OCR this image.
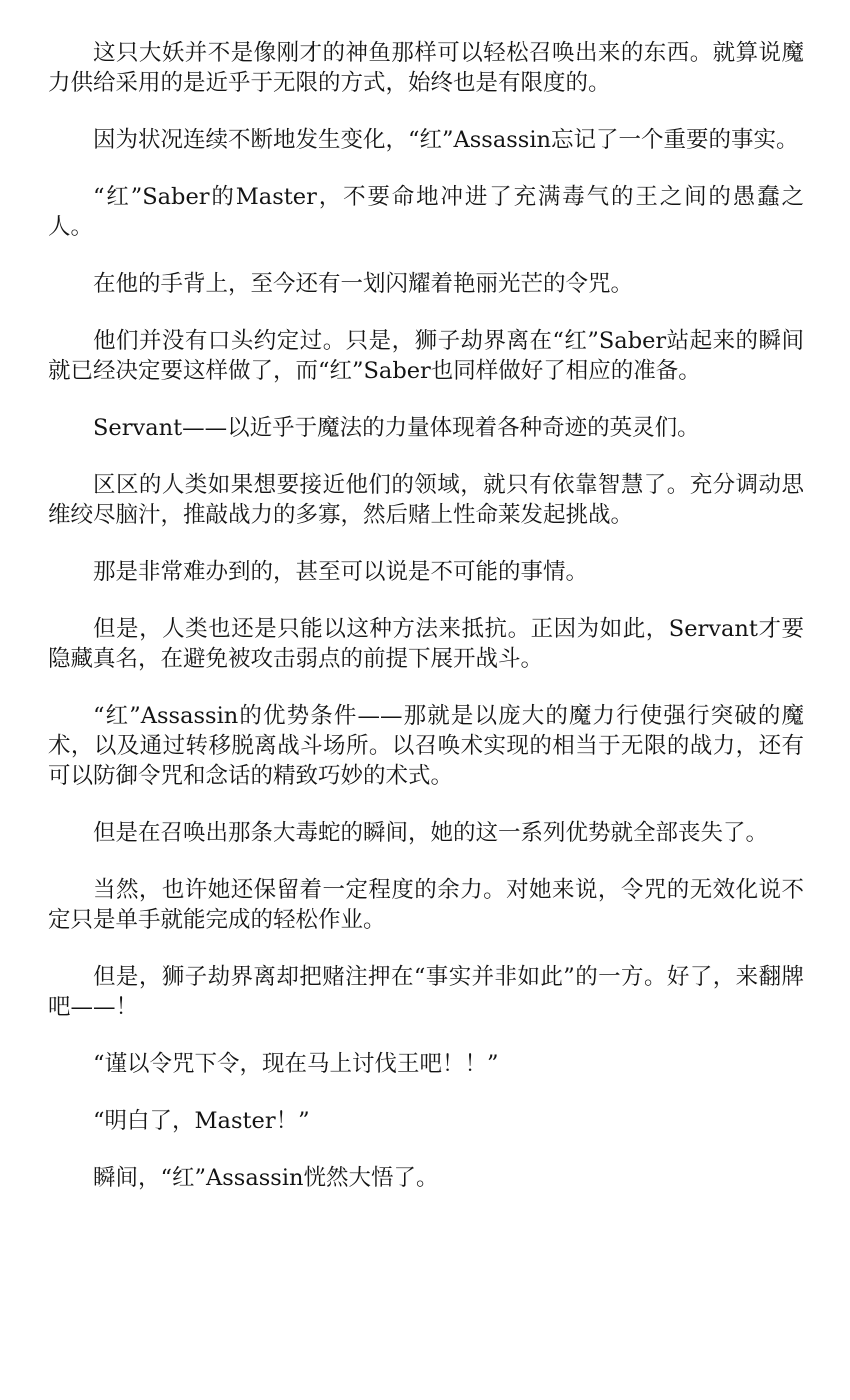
这只大妖并不是像刚才的神鱼那样可以轻松召唤出来的东西。就算说魔力供给采用的是近乎于无限的方式，始终也是有限度的。

因为状况连续不断地发生变化，“红”Assassin忘记了一个重要的事实。

“红”Saber的Master，不要命地冲进了充满毒气的王之间的愚蠢之人。

在他的手背上，至今还有一划闪耀着艳丽光芒的令咒。

他们并没有口头约定过。只是，狮子劫界离在“红”Saber站起来的瞬间就已经决定要这样做了，而“红”Saber也同样做好了相应的准备。

Servant——以近乎于魔法的力量体现着各种奇迹的英灵们。

区区的人类如果想要接近他们的领域，就只有依靠智慧了。充分调动思维绞尽脑汁，推敲战力的多寡，然后赌上性命莱发起挑战。

那是非常难办到的，甚至可以说是不可能的事情。

但是，人类也还是只能以这种方法来抵抗。正因为如此，Servant才要隐藏真名，在避免被攻击弱点的前提下展开战斗。

“红”Assassin的优势条件——那就是以庞大的魔力行使强行突破的魔术，以及通过转移脱离战斗场所。以召唤术实现的相当于无限的战力，还有可以防御令咒和念话的精致巧妙的术式。

但是在召唤出那条大毒蛇的瞬间，她的这一系列优势就全部丧失了。

当然，也许她还保留着一定程度的余力。对她来说，令咒的无效化说不定只是单手就能完成的轻松作业。

但是，狮子劫界离却把赌注押在“事实并非如此”的一方。好了，来翻牌吧——！

“谨以令咒下令，现在马上讨伐王吧！！”

“明白了，Master！”

瞬间，“红”Assassin恍然大悟了。
